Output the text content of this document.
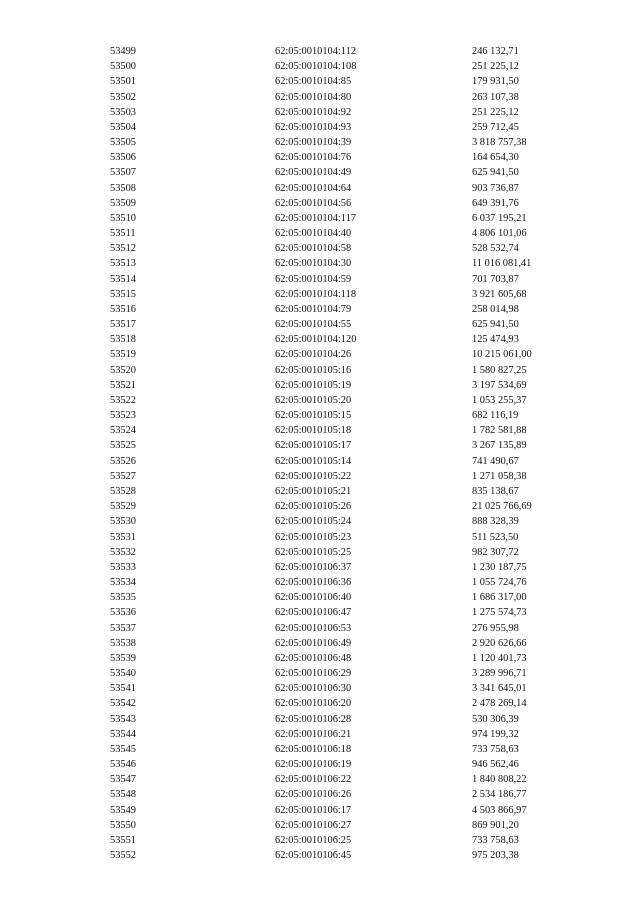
53499	62:05:0010104:112	246 132,71
53500	62:05:0010104:108	251 225,12
53501	62:05:0010104:85	179 931,50
53502	62:05:0010104:80	263 107,38
53503	62:05:0010104:92	251 225,12
53504	62:05:0010104:93	259 712,45
53505	62:05:0010104:39	3 818 757,38
53506	62:05:0010104:76	164 654,30
53507	62:05:0010104:49	625 941,50
53508	62:05:0010104:64	903 736,87
53509	62:05:0010104:56	649 391,76
53510	62:05:0010104:117	6 037 195,21
53511	62:05:0010104:40	4 806 101,06
53512	62:05:0010104:58	528 532,74
53513	62:05:0010104:30	11 016 081,41
53514	62:05:0010104:59	701 703,87
53515	62:05:0010104:118	3 921 605,68
53516	62:05:0010104:79	258 014,98
53517	62:05:0010104:55	625 941,50
53518	62:05:0010104:120	125 474,93
53519	62:05:0010104:26	10 215 061,00
53520	62:05:0010105:16	1 580 827,25
53521	62:05:0010105:19	3 197 534,69
53522	62:05:0010105:20	1 053 255,37
53523	62:05:0010105:15	682 116,19
53524	62:05:0010105:18	1 782 581,88
53525	62:05:0010105:17	3 267 135,89
53526	62:05:0010105:14	741 490,67
53527	62:05:0010105:22	1 271 058,38
53528	62:05:0010105:21	835 138,67
53529	62:05:0010105:26	21 025 766,69
53530	62:05:0010105:24	888 328,39
53531	62:05:0010105:23	511 523,50
53532	62:05:0010105:25	982 307,72
53533	62:05:0010106:37	1 230 187,75
53534	62:05:0010106:36	1 055 724,76
53535	62:05:0010106:40	1 686 317,00
53536	62:05:0010106:47	1 275 574,73
53537	62:05:0010106:53	276 955,98
53538	62:05:0010106:49	2 920 626,66
53539	62:05:0010106:48	1 120 401,73
53540	62:05:0010106:29	3 289 996,71
53541	62:05:0010106:30	3 341 645,01
53542	62:05:0010106:20	2 478 269,14
53543	62:05:0010106:28	530 306,39
53544	62:05:0010106:21	974 199,32
53545	62:05:0010106:18	733 758,63
53546	62:05:0010106:19	946 562,46
53547	62:05:0010106:22	1 840 808,22
53548	62:05:0010106:26	2 534 186,77
53549	62:05:0010106:17	4 503 866,97
53550	62:05:0010106:27	869 901,20
53551	62:05:0010106:25	733 758,63
53552	62:05:0010106:45	975 203,38
